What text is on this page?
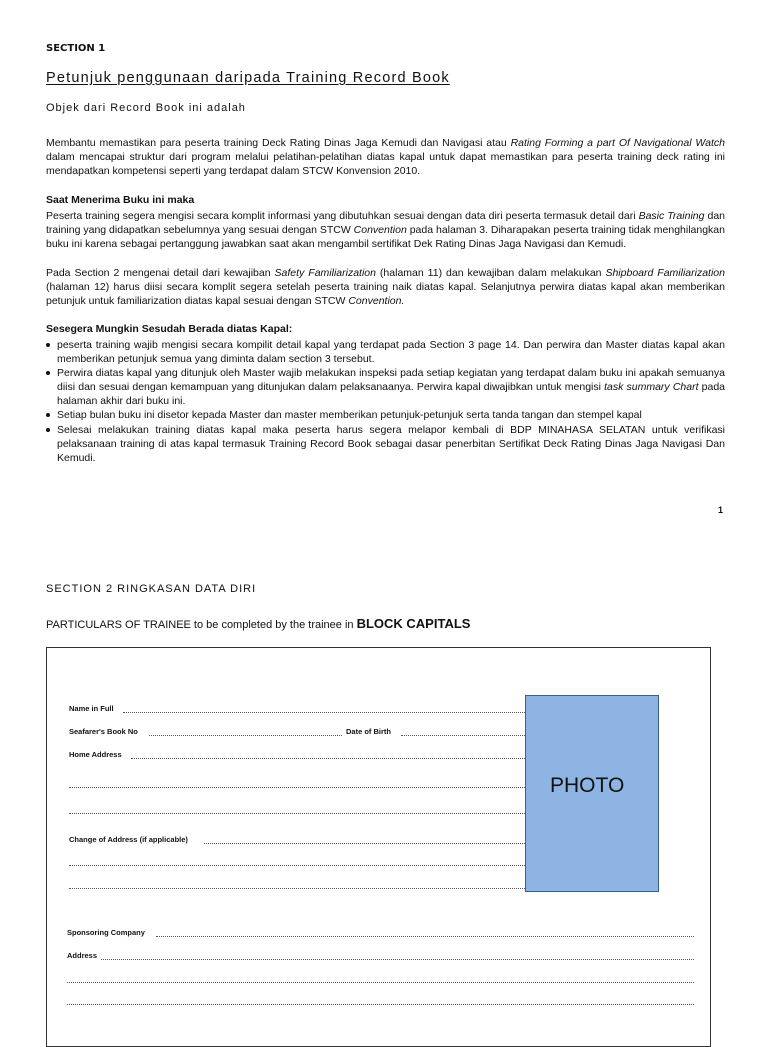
SECTION 1
Petunjuk penggunaan daripada Training Record Book
Objek dari Record Book ini adalah

Membantu memastikan para peserta training Deck Rating Dinas Jaga Kemudi dan Navigasi atau Rating Forming a part Of Navigational Watch dalam mencapai struktur dari program melalui pelatihan-pelatihan diatas kapal untuk dapat memastikan para peserta training deck rating ini mendapatkan kompetensi seperti yang terdapat dalam STCW Konvension 2010.

Saat Menerima Buku ini maka

Peserta training segera mengisi secara komplit informasi yang dibutuhkan sesuai dengan data diri peserta termasuk detail dari Basic Training dan training yang didapatkan sebelumnya yang sesuai dengan STCW Convention pada halaman 3. Diharapakan peserta training tidak menghilangkan buku ini karena sebagai pertanggung jawabkan saat akan mengambil sertifikat Dek Rating Dinas Jaga Navigasi dan Kemudi.

Pada Section 2 mengenai detail dari kewajiban Safety Familiarization (halaman 11) dan kewajiban dalam melakukan Shipboard Familiarization (halaman 12) harus diisi secara komplit segera setelah peserta training naik diatas kapal. Selanjutnya perwira diatas kapal akan memberikan petunjuk untuk familiarization diatas kapal sesuai dengan STCW Convention.

Sesegera Mungkin Sesudah Berada diatas Kapal:
peserta training wajib mengisi secara kompilit detail kapal yang terdapat pada Section 3 page 14. Dan perwira dan Master diatas kapal akan memberikan petunjuk semua yang diminta dalam section 3 tersebut.
Perwira diatas kapal yang ditunjuk oleh Master wajib melakukan inspeksi pada setiap kegiatan yang terdapat dalam buku ini apakah semuanya diisi dan sesuai dengan kemampuan yang ditunjukan dalam pelaksanaanya. Perwira kapal diwajibkan untuk mengisi task summary Chart pada halaman akhir dari buku ini.
Setiap bulan buku ini disetor kepada Master dan master memberikan petunjuk-petunjuk serta tanda tangan dan stempel kapal
Selesai melakukan training diatas kapal maka peserta harus segera melapor kembali di BDP MINAHASA SELATAN untuk verifikasi pelaksanaan training di atas kapal termasuk Training Record Book sebagai dasar penerbitan Sertifikat Deck Rating Dinas Jaga Navigasi Dan Kemudi.
1
SECTION 2 RINGKASAN DATA DIRI
PARTICULARS OF TRAINEE to be completed by the trainee in BLOCK CAPITALS
Name in Full
Seafarer's Book No	Date of Birth
Home Address
Change of Address (if applicable)
Sponsoring Company
Address
PHOTO
